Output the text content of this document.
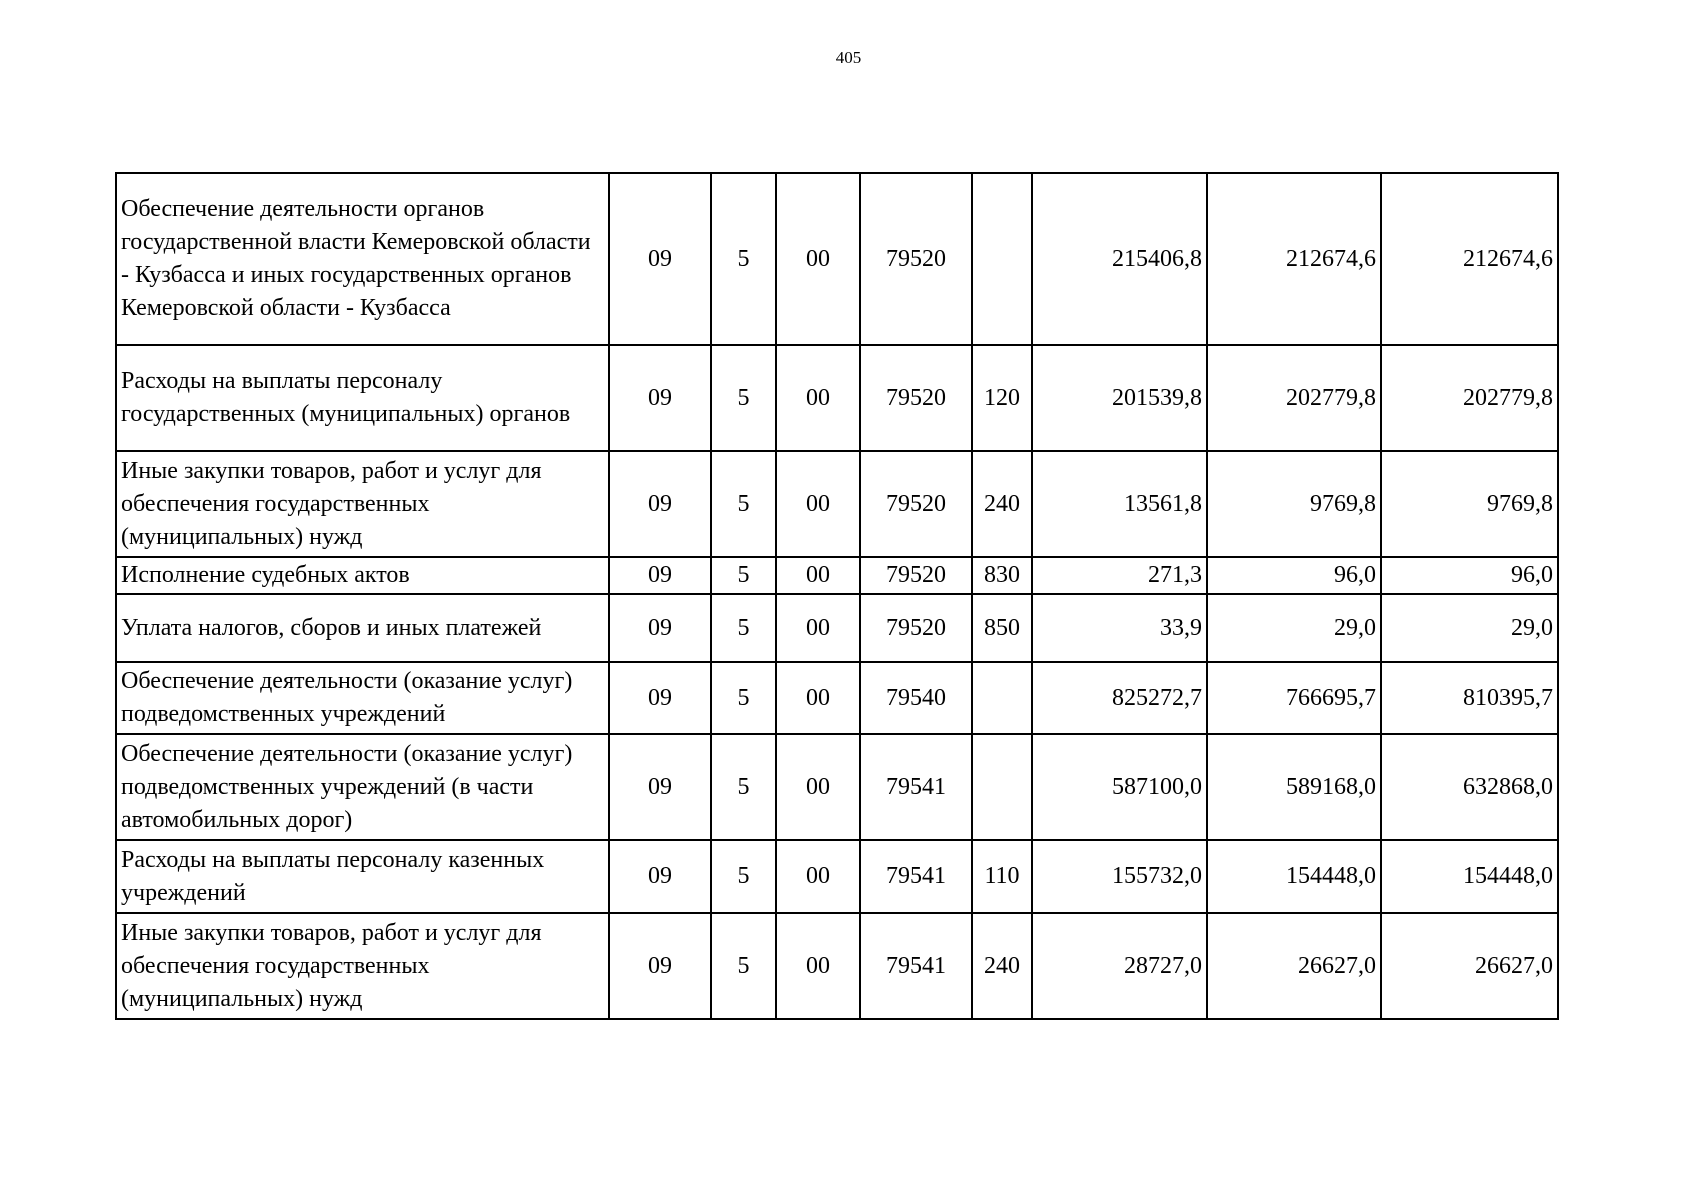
405
Обеспечение деятельности органов государственной власти Кемеровской области - Кузбасса и иных государственных органов Кемеровской области - Кузбасса	09	5	00	79520		215406,8	212674,6	212674,6
Расходы на выплаты персоналу государственных (муниципальных) органов	09	5	00	79520	120	201539,8	202779,8	202779,8
Иные закупки товаров, работ и услуг для обеспечения государственных (муниципальных) нужд	09	5	00	79520	240	13561,8	9769,8	9769,8
Исполнение судебных актов	09	5	00	79520	830	271,3	96,0	96,0
Уплата налогов, сборов и иных платежей	09	5	00	79520	850	33,9	29,0	29,0
Обеспечение деятельности (оказание услуг) подведомственных учреждений	09	5	00	79540		825272,7	766695,7	810395,7
Обеспечение деятельности (оказание услуг) подведомственных учреждений (в части автомобильных дорог)	09	5	00	79541		587100,0	589168,0	632868,0
Расходы на выплаты персоналу казенных учреждений	09	5	00	79541	110	155732,0	154448,0	154448,0
Иные закупки товаров, работ и услуг для обеспечения государственных (муниципальных) нужд	09	5	00	79541	240	28727,0	26627,0	26627,0
